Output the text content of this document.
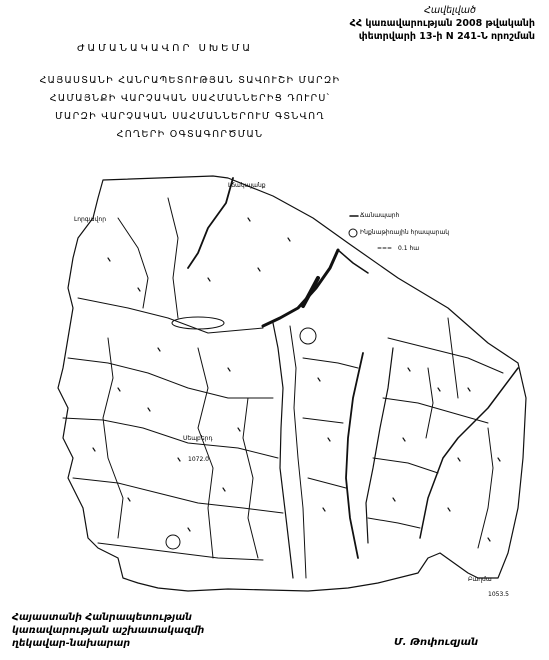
Հավելված
ՀՀ կառավարության 2008 թվականի
փետրվարի 13-ի N 241-Ն որոշման
ԺԱՄԱՆԱԿԱՎՈՐ ՍԽԵՄԱ
ՀԱՅԱՍՏԱՆԻ ՀԱՆՐԱՊԵՏՈՒԹՅԱՆ ՏԱՎՈՒՇԻ ՄԱՐԶԻ
ՀԱՄԱՅՆՔԻ ՎԱՐՉԱԿԱՆ ՍԱՀՄԱՆՆԵՐԻՑ ԴՈՒՐՍ՝
ՄԱՐԶԻ ՎԱՐՉԱԿԱՆ ՍԱՀՄԱՆՆԵՐՈՒՄ ԳՏՆՎՈՂ
ՀՈՂԵՐԻ ՕԳՏԱԳՈՐԾՄԱՆ
Լճակայանք
Լորգավոր
Սեպբերդ
Բաղմա
1072.0
1053.5
Ճանապարհ
Ինքնաթիռային հրապարակ
0.1 հա
Հայաստանի Հանրապետության
կառավարության աշխատակազմի
ղեկավար-նախարար	Մ. Թոփուզյան
